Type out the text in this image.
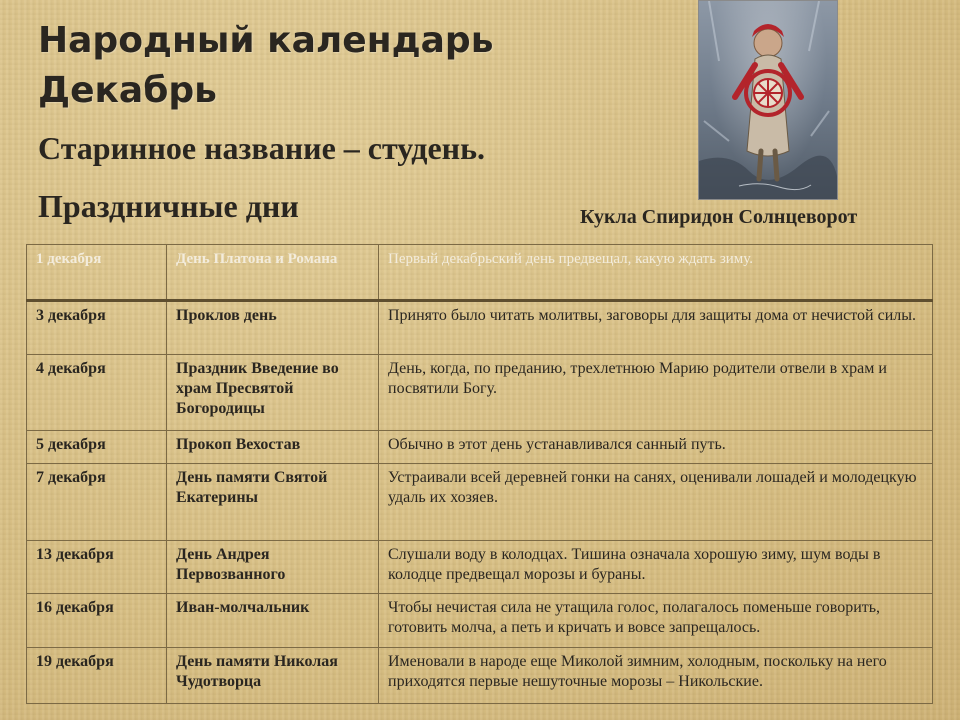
Народный календарь
Декабрь
Старинное название – студень.
Праздничные дни	Кукла Спиридон Солнцеворот
1 декабря	День Платона и Романа	Первый декабрьский день предвещал, какую ждать зиму.
3 декабря	Проклов день	Принято было читать молитвы, заговоры для защиты дома от нечистой силы.
4 декабря	Праздник Введение во храм Пресвятой Богородицы	День, когда, по преданию, трехлетнюю Марию родители отвели в храм и посвятили Богу.
5 декабря	Прокоп Вехостав	Обычно в этот день устанавливался санный путь.
7 декабря	День памяти Святой Екатерины	Устраивали всей деревней гонки на санях, оценивали лошадей и молодецкую удаль их хозяев.
13 декабря	День Андрея Первозванного	Слушали воду в колодцах. Тишина означала хорошую зиму, шум воды в колодце предвещал морозы и бураны.
16 декабря	Иван-молчальник	Чтобы нечистая сила не утащила голос, полагалось поменьше говорить, готовить молча, а петь и кричать и вовсе запрещалось.
19 декабря	День памяти Николая Чудотворца	Именовали в народе еще Миколой зимним, холодным, поскольку на него приходятся первые нешуточные морозы – Никольские.
